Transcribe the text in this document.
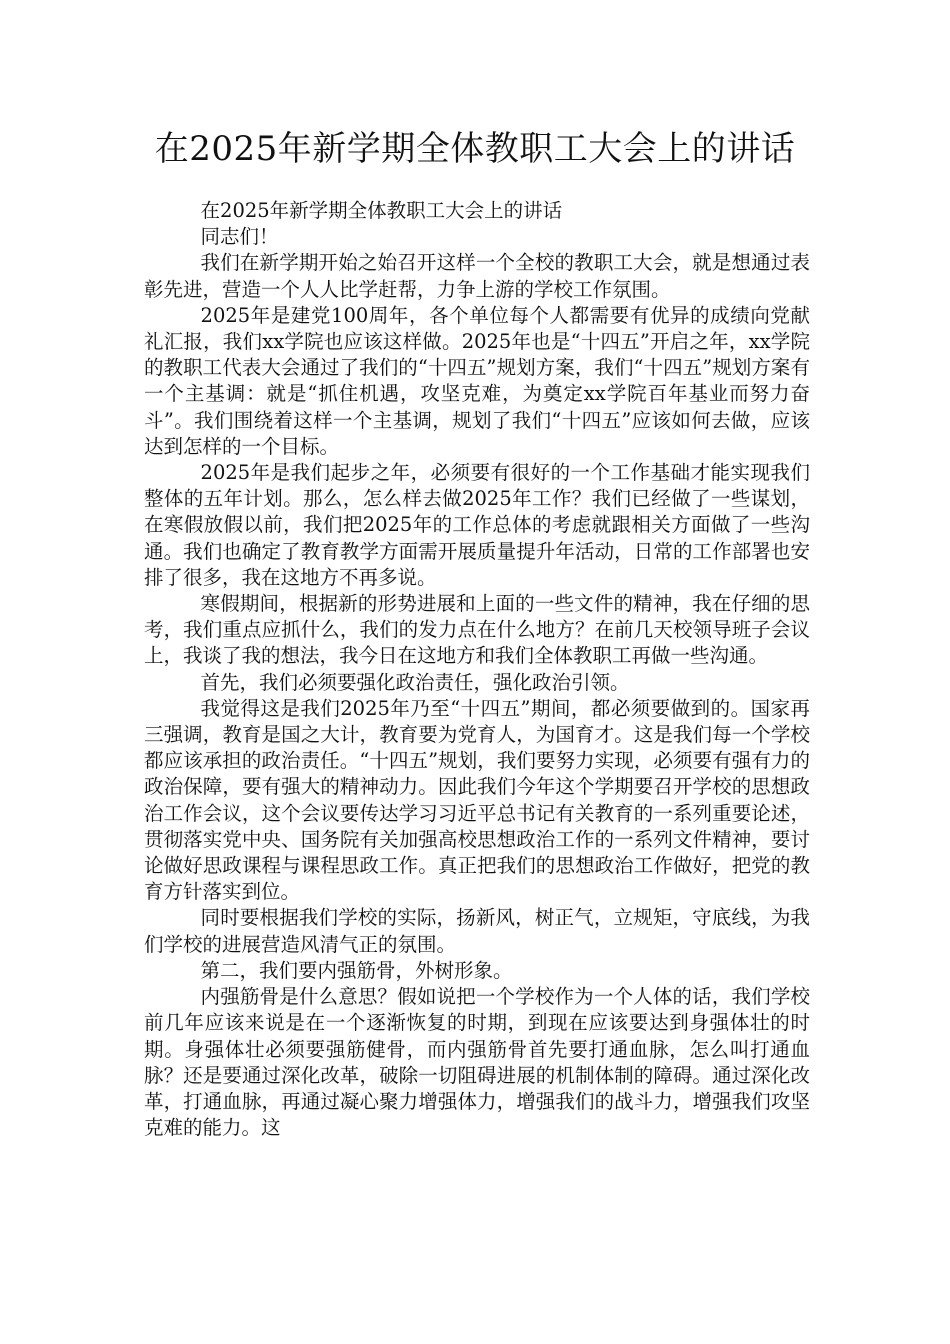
在2025年新学期全体教职工大会上的讲话

在2025年新学期全体教职工大会上的讲话

同志们！

我们在新学期开始之始召开这样一个全校的教职工大会，就是想通过表彰先进，营造一个人人比学赶帮，力争上游的学校工作氛围。

2025年是建党100周年，各个单位每个人都需要有优异的成绩向党献礼汇报，我们xx学院也应该这样做。2025年也是“十四五”开启之年，xx学院的教职工代表大会通过了我们的“十四五”规划方案，我们“十四五”规划方案有一个主基调：就是“抓住机遇，攻坚克难，为奠定xx学院百年基业而努力奋斗”。我们围绕着这样一个主基调，规划了我们“十四五”应该如何去做，应该达到怎样的一个目标。

2025年是我们起步之年，必须要有很好的一个工作基础才能实现我们整体的五年计划。那么，怎么样去做2025年工作？我们已经做了一些谋划，在寒假放假以前，我们把2025年的工作总体的考虑就跟相关方面做了一些沟通。我们也确定了教育教学方面需开展质量提升年活动，日常的工作部署也安排了很多，我在这地方不再多说。

寒假期间，根据新的形势进展和上面的一些文件的精神，我在仔细的思考，我们重点应抓什么，我们的发力点在什么地方？在前几天校领导班子会议上，我谈了我的想法，我今日在这地方和我们全体教职工再做一些沟通。

首先，我们必须要强化政治责任，强化政治引领。

我觉得这是我们2025年乃至“十四五”期间，都必须要做到的。国家再三强调，教育是国之大计，教育要为党育人，为国育才。这是我们每一个学校都应该承担的政治责任。“十四五”规划，我们要努力实现，必须要有强有力的政治保障，要有强大的精神动力。因此我们今年这个学期要召开学校的思想政治工作会议，这个会议要传达学习习近平总书记有关教育的一系列重要论述，贯彻落实党中央、国务院有关加强高校思想政治工作的一系列文件精神，要讨论做好思政课程与课程思政工作。真正把我们的思想政治工作做好，把党的教育方针落实到位。

同时要根据我们学校的实际，扬新风，树正气，立规矩，守底线，为我们学校的进展营造风清气正的氛围。

第二，我们要内强筋骨，外树形象。

内强筋骨是什么意思？假如说把一个学校作为一个人体的话，我们学校前几年应该来说是在一个逐渐恢复的时期，到现在应该要达到身强体壮的时期。身强体壮必须要强筋健骨，而内强筋骨首先要打通血脉，怎么叫打通血脉？还是要通过深化改革，破除一切阻碍进展的机制体制的障碍。通过深化改革，打通血脉，再通过凝心聚力增强体力，增强我们的战斗力，增强我们攻坚克难的能力。这
